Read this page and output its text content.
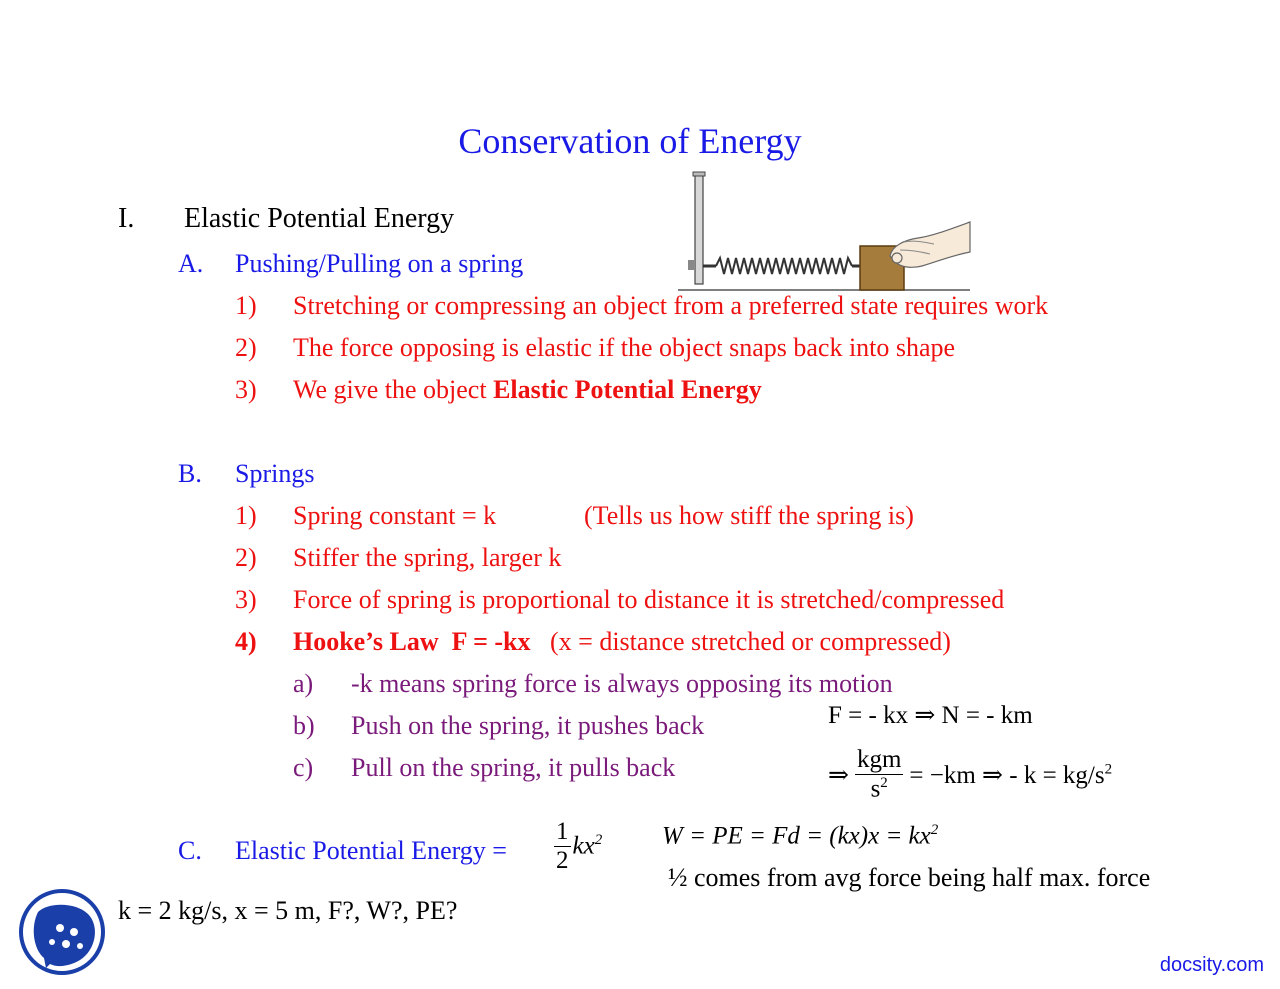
Conservation of Energy
I. Elastic Potential Energy
A. Pushing/Pulling on a spring
1) Stretching or compressing an object from a preferred state requires work
2) The force opposing is elastic if the object snaps back into shape
3) We give the object Elastic Potential Energy
B. Springs
1) Spring constant = k	(Tells us how stiff the spring is)
2) Stiffer the spring, larger k
3) Force of spring is proportional to distance it is stretched/compressed
4) Hooke’s Law F = -kx (x = distance stretched or compressed)
a) -k means spring force is always opposing its motion
b) Push on the spring, it pushes back
c) Pull on the spring, it pulls back
F = - kx ⇒ N = - km
⇒ $\frac{\text{kgm}}{s^2} = -km$ ⇒ - $k = kg/s^2$
C. Elastic Potential Energy = $\frac{1}{2} kx^2$ W = PE = $Fd = (kx)x = kx^2$
½ comes from avg force being half max. force
k = 2 kg/s, x = 5 m, F?, W?, PE?
docsity.com
